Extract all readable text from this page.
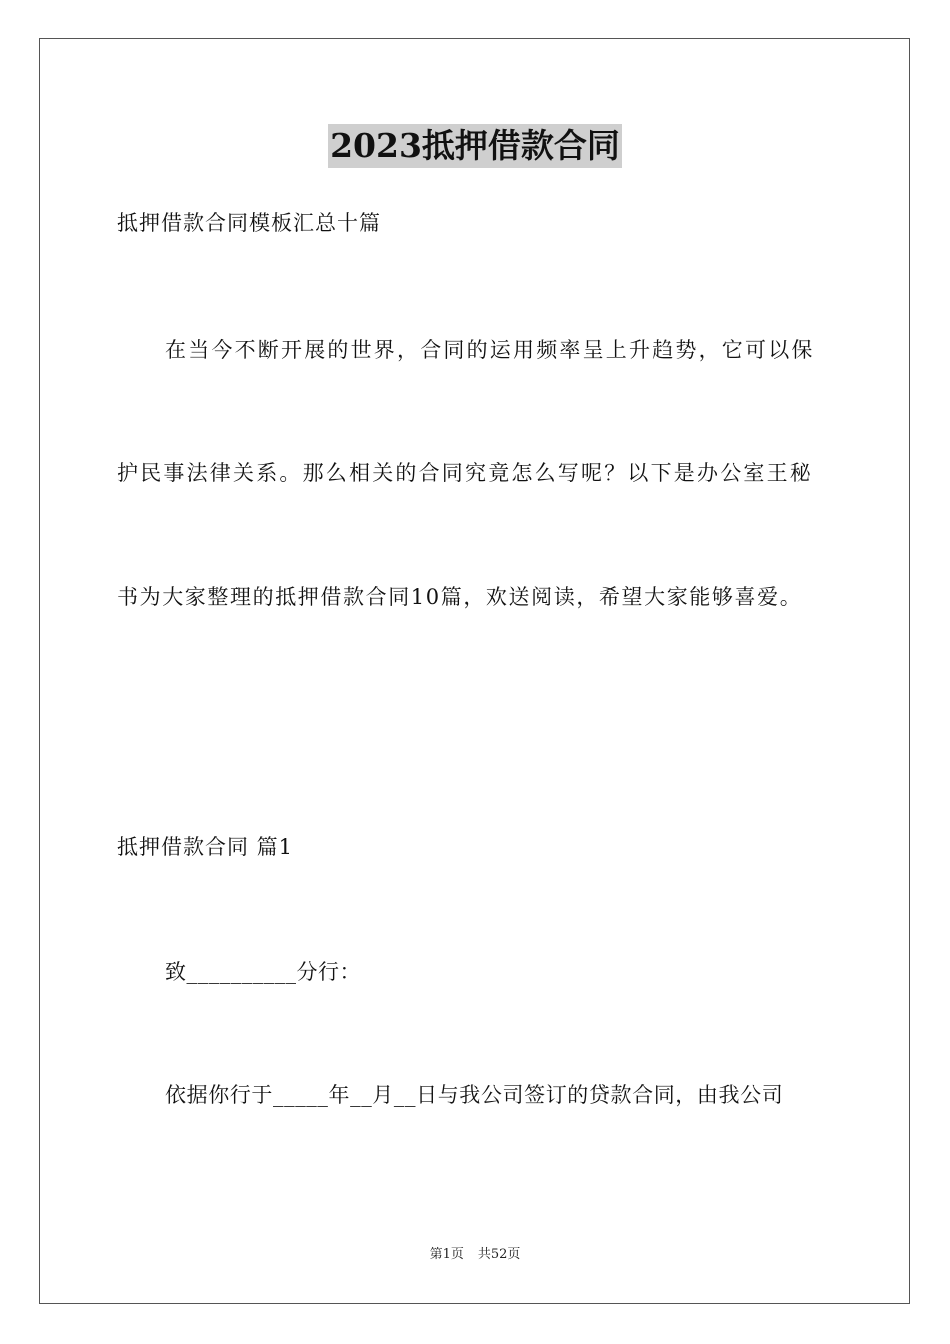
2023抵押借款合同
抵押借款合同模板汇总十篇
在当今不断开展的世界，合同的运用频率呈上升趋势，它可以保
护民事法律关系。那么相关的合同究竟怎么写呢？以下是办公室王秘
书为大家整理的抵押借款合同10篇，欢送阅读，希望大家能够喜爱。
抵押借款合同 篇1
致__________分行：
依据你行于_____年__月__日与我公司签订的贷款合同，由我公司
第1页 共52页
